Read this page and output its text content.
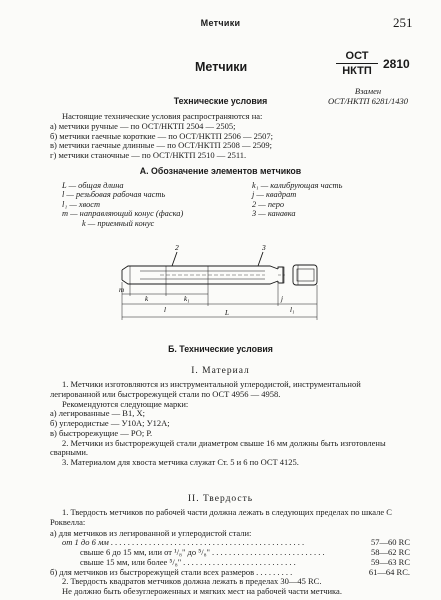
Метчики	251
Метчики
ОСТ
НКТП
2810
Взамен
ОСТ/НКТП 6281/1430
Технические условия
Настоящие технические условия распространяются на:
а) метчики ручные — по ОСТ/НКТП 2504 — 2505;
б) метчики гаечные короткие — по ОСТ/НКТП 2506 — 2507;
в) метчики гаечные длинные — по ОСТ/НКТП 2508 — 2509;
г) метчики станочные — по ОСТ/НКТП 2510 — 2511.
А. Обозначение элементов метчиков
L — общая длина
l — резьбовая рабочая часть
l₁ — хвост
m — направляющий конус (фаска)
k — приемный конус
k₁ — калибрующая часть
j — квадрат
2 — перо
3 — канавка
2	3
m
k	k₁
l
j
l₁
L
Б. Технические условия
I. Материал
1. Метчики изготовляются из инструментальной углеродистой, инструментальной легированной или быстрорежущей стали по ОСТ 4956 — 4958.
Рекомендуются следующие марки:
а) легированные — В1, Х;
б) углеродистые — У10А; У12А;
в) быстрорежущие — РО; Р.
2. Метчики из быстрорежущей стали диаметром свыше 16 мм должны быть изготовлены сварными.
3. Материалом для хвоста метчика служат Ст. 5 и 6 по ОСТ 4125.
II. Твердость
1. Твердость метчиков по рабочей части должна лежать в следующих пределах по шкале С Роквелла:
а) для метчиков из легированной и углеродистой стали:
от 1 до 6 мм . . . . . . . . . . . . . . . . . . . . . . . . . . . . . . . . . . . . . . . . . . . . . .	57—60 RC
свыше 6 до 15 мм, или от ¹/₈" до ⁵/₈" . . . . . . . . . . . . . . . . . . . . . . . . . . .	58—62 RC
свыше 15 мм, или более ⁵/₈" . . . . . . . . . . . . . . . . . . . . . . . . . . .	59—63 RC
б) для метчиков из быстрорежущей стали всех размеров . . . . . . . . .	61—64 RC.
2. Твердость квадратов метчиков должна лежать в пределах 30—45 RC.
Не должно быть обезуглероженных и мягких мест на рабочей части метчика.
